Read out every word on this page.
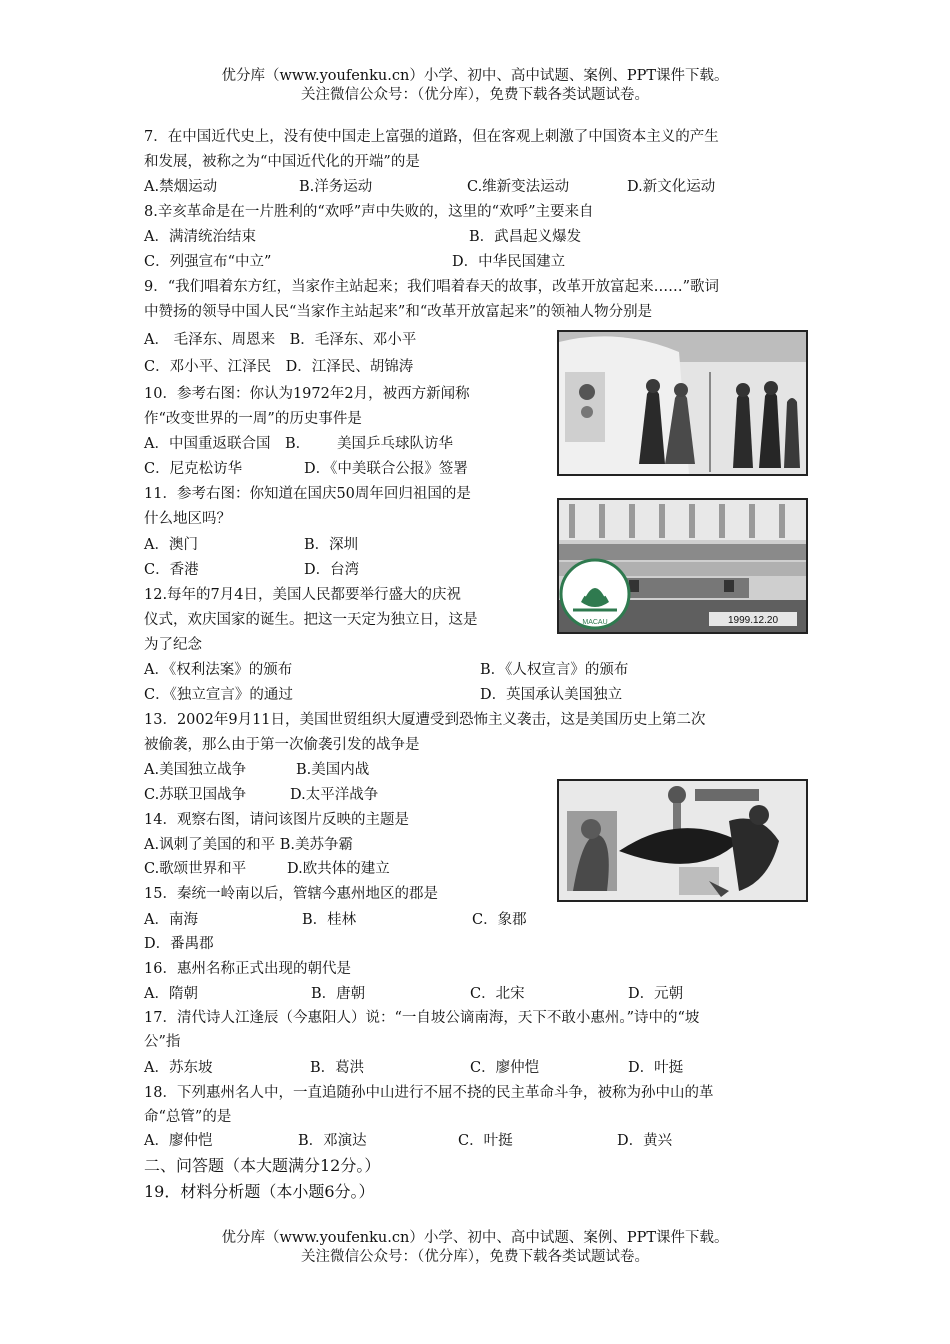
优分库（www.youfenku.cn）小学、初中、高中试题、案例、PPT课件下载。
关注微信公众号：（优分库），免费下载各类试题试卷。
7．在中国近代史上，没有使中国走上富强的道路，但在客观上刺激了中国资本主义的产生
和发展，被称之为“中国近代化的开端”的是
A.禁烟运动	B.洋务运动	C.维新变法运动	D.新文化运动
8.辛亥革命是在一片胜利的“欢呼”声中失败的，这里的“欢呼”主要来自
A．满清统治结束	B．武昌起义爆发
C．列强宣布“中立”	D．中华民国建立
9．“我们唱着东方红，当家作主站起来；我们唱着春天的故事，改革开放富起来……”歌词
中赞扬的领导中国人民“当家作主站起来”和“改革开放富起来”的领袖人物分别是
A． 毛泽东、周恩来　B．毛泽东、邓小平
C．邓小平、江泽民　D．江泽民、胡锦涛
10．参考右图：你认为1972年2月，被西方新闻称
作“改变世界的一周”的历史事件是
A．中国重返联合国　B． 美国乒乓球队访华
C．尼克松访华	D．《中美联合公报》签署
11．参考右图：你知道在国庆50周年回归祖国的是
什么地区吗？
A．澳门	B．深圳
C．香港	D．台湾
12.每年的7月4日，美国人民都要举行盛大的庆祝
仪式，欢庆国家的诞生。把这一天定为独立日，这是
为了纪念
A．《权利法案》的颁布	B．《人权宣言》的颁布
C．《独立宣言》的通过	D．英国承认美国独立
13．2002年9月11日，美国世贸组织大厦遭受到恐怖主义袭击，这是美国历史上第二次
被偷袭，那么由于第一次偷袭引发的战争是
A.美国独立战争	B.美国内战
C.苏联卫国战争	D.太平洋战争
14．观察右图，请问该图片反映的主题是
A.讽刺了美国的和平 B.美苏争霸
C.歌颂世界和平	D.欧共体的建立
15．秦统一岭南以后，管辖今惠州地区的郡是
A．南海	B．桂林	C．象郡
D．番禺郡
16．惠州名称正式出现的朝代是
A．隋朝	B．唐朝	C．北宋	D．元朝
17．清代诗人江逢辰（今惠阳人）说：“一自坡公谪南海，天下不敢小惠州。”诗中的“坡
公”指
A．苏东坡	B．葛洪	C．廖仲恺	D．叶挺
18．下列惠州名人中，一直追随孙中山进行不屈不挠的民主革命斗争，被称为孙中山的革
命“总管”的是
A．廖仲恺	B．邓演达	C．叶挺	D．黄兴
二、问答题（本大题满分12分。）
19．材料分析题（本小题6分。）
优分库（www.youfenku.cn）小学、初中、高中试题、案例、PPT课件下载。
关注微信公众号：（优分库），免费下载各类试题试卷。
1999.12.20
MACAU
